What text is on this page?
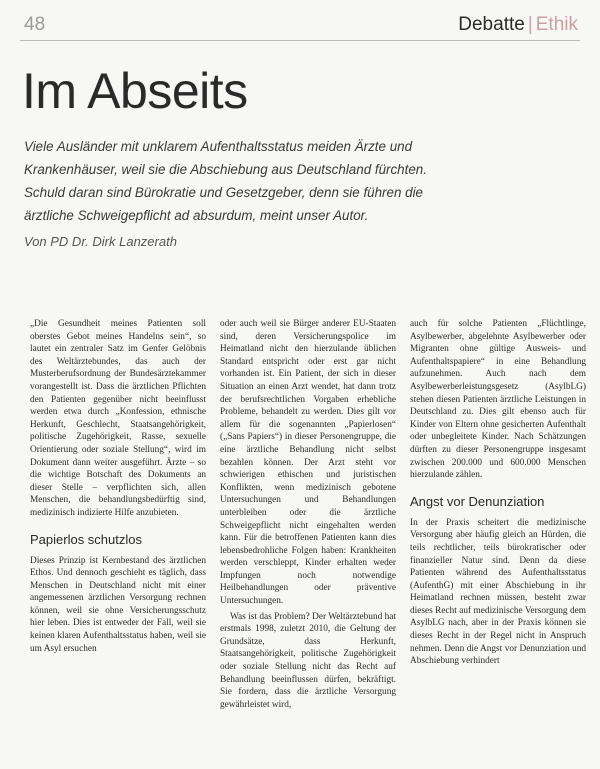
48	Debatte | Ethik
Im Abseits

Viele Ausländer mit unklarem Aufenthaltsstatus meiden Ärzte und Krankenhäuser, weil sie die Abschiebung aus Deutschland fürchten. Schuld daran sind Bürokratie und Gesetzgeber, denn sie führen die ärztliche Schweigepflicht ad absurdum, meint unser Autor.

Von PD Dr. Dirk Lanzerath

„Die Gesundheit meines Patienten soll oberstes Gebot meines Handelns sein“, so lautet ein zentraler Satz im Genfer Gelöbnis des Weltärztebundes, das auch der Musterberufsordnung der Bundesärztekammer vorangestellt ist. Dass die ärztlichen Pflichten den Patienten gegenüber nicht beeinflusst werden etwa durch „Konfession, ethnische Herkunft, Geschlecht, Staatsangehörigkeit, politische Zugehörigkeit, Rasse, sexuelle Orientierung oder soziale Stellung“, wird im Dokument dann weiter ausgeführt. Ärzte – so die wichtige Botschaft des Dokuments an dieser Stelle – verpflichten sich, allen Menschen, die behandlungsbedürftig sind, medizinisch indizierte Hilfe anzubieten.

Papierlos schutzlos

Dieses Prinzip ist Kernbestand des ärztlichen Ethos. Und dennoch geschieht es täglich, dass Menschen in Deutschland nicht mit einer angemessenen ärztlichen Versorgung rechnen können, weil sie ohne Versicherungsschutz hier leben. Dies ist entweder der Fall, weil sie keinen klaren Aufenthaltsstatus haben, weil sie um Asyl ersuchen

oder auch weil sie Bürger anderer EU-Staaten sind, deren Versicherungspolice im Heimatland nicht den hierzulande üblichen Standard entspricht oder erst gar nicht vorhanden ist. Ein Patient, der sich in dieser Situation an einen Arzt wendet, hat dann trotz der berufsrechtlichen Vorgaben erhebliche Probleme, behandelt zu werden. Dies gilt vor allem für die sogenannten „Papierlosen“ („Sans Papiers“) in dieser Personengruppe, die eine ärztliche Behandlung nicht selbst bezahlen können. Der Arzt steht vor schwierigen ethischen und juristischen Konflikten, wenn medizinisch gebotene Untersuchungen und Behandlungen unterbleiben oder die ärztliche Schweigepflicht nicht eingehalten werden kann. Für die betroffenen Patienten kann dies lebensbedrohliche Folgen haben: Krankheiten werden verschleppt, Kinder erhalten weder Impfungen noch notwendige Heilbehandlungen oder präventive Untersuchungen.

Was ist das Problem? Der Weltärztebund hat erstmals 1998, zuletzt 2010, die Geltung der Grundsätze, dass Herkunft, Staatsangehörigkeit, politische Zugehörigkeit oder soziale Stellung nicht das Recht auf Behandlung beeinflussen dürfen, bekräftigt. Sie fordern, dass die ärztliche Versorgung gewährleistet wird,

auch für solche Patienten „Flüchtlinge, Asylbewerber, abgelehnte Asylbewerber oder Migranten ohne gültige Ausweis- und Aufenthaltspapiere“ in eine Behandlung aufzunehmen. Auch nach dem Asylbewerberleistungsgesetz (AsylbLG) stehen diesen Patienten ärztliche Leistungen in Deutschland zu. Dies gilt ebenso auch für Kinder von Eltern ohne gesicherten Aufenthalt oder unbegleitete Kinder. Nach Schätzungen dürften zu dieser Personengruppe insgesamt zwischen 200.000 und 600.000 Menschen hierzulande zählen.

Angst vor Denunziation

In der Praxis scheitert die medizinische Versorgung aber häufig gleich an Hürden, die teils rechtlicher, teils bürokratischer oder finanzieller Natur sind. Denn da diese Patienten während des Aufenthaltsstatus (AufenthG) mit einer Abschiebung in ihr Heimatland rechnen müssen, besteht zwar dieses Recht auf medizinische Versorgung dem AsylbLG nach, aber in der Praxis können sie dieses Recht in der Regel nicht in Anspruch nehmen. Denn die Angst vor Denunziation und Abschiebung verhindert
